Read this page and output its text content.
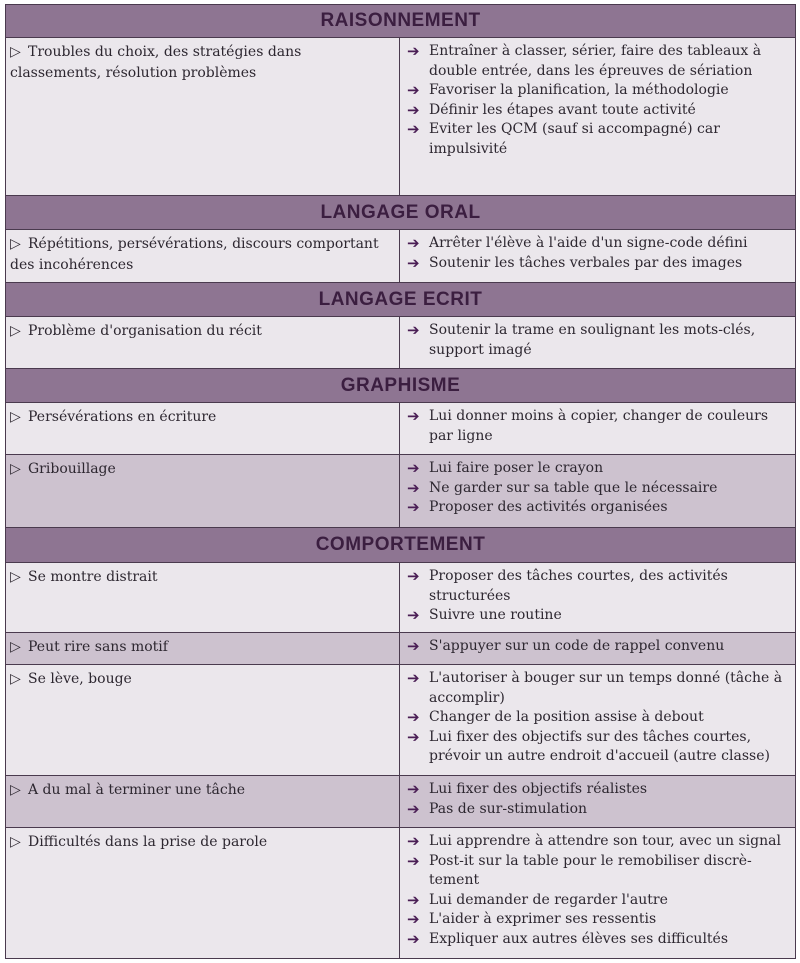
RAISONNEMENT
▷ Troubles du choix, des stratégies dans classements, résolution problèmes
➔ Entraîner à classer, sérier, faire des tableaux à double entrée, dans les épreuves de sériation
➔ Favoriser la planification, la méthodologie
➔ Définir les étapes avant toute activité
➔ Eviter les QCM (sauf si accompagné) car impulsivité
LANGAGE ORAL
▷ Répétitions, persévérations, discours comportant des incohérences
➔ Arrêter l'élève à l'aide d'un signe-code défini
➔ Soutenir les tâches verbales par des images
LANGAGE ECRIT
▷ Problème d'organisation du récit	➔ Soutenir la trame en soulignant les mots-clés, support imagé
GRAPHISME
▷ Persévérations en écriture	➔ Lui donner moins à copier, changer de couleurs par ligne
▷ Gribouillage	➔ Lui faire poser le crayon
➔ Ne garder sur sa table que le nécessaire
➔ Proposer des activités organisées
COMPORTEMENT
▷ Se montre distrait	➔ Proposer des tâches courtes, des activités structurées
➔ Suivre une routine
▷ Peut rire sans motif	➔ S'appuyer sur un code de rappel convenu
▷ Se lève, bouge	➔ L'autoriser à bouger sur un temps donné (tâche à accomplir)
➔ Changer de la position assise à debout
➔ Lui fixer des objectifs sur des tâches courtes, prévoir un autre endroit d'accueil (autre classe)
▷ A du mal à terminer une tâche	➔ Lui fixer des objectifs réalistes
➔ Pas de sur-stimulation
▷ Difficultés dans la prise de parole	➔ Lui apprendre à attendre son tour, avec un signal
➔ Post-it sur la table pour le remobiliser discrètement
➔ Lui demander de regarder l'autre
➔ L'aider à exprimer ses ressentis
➔ Expliquer aux autres élèves ses difficultés
